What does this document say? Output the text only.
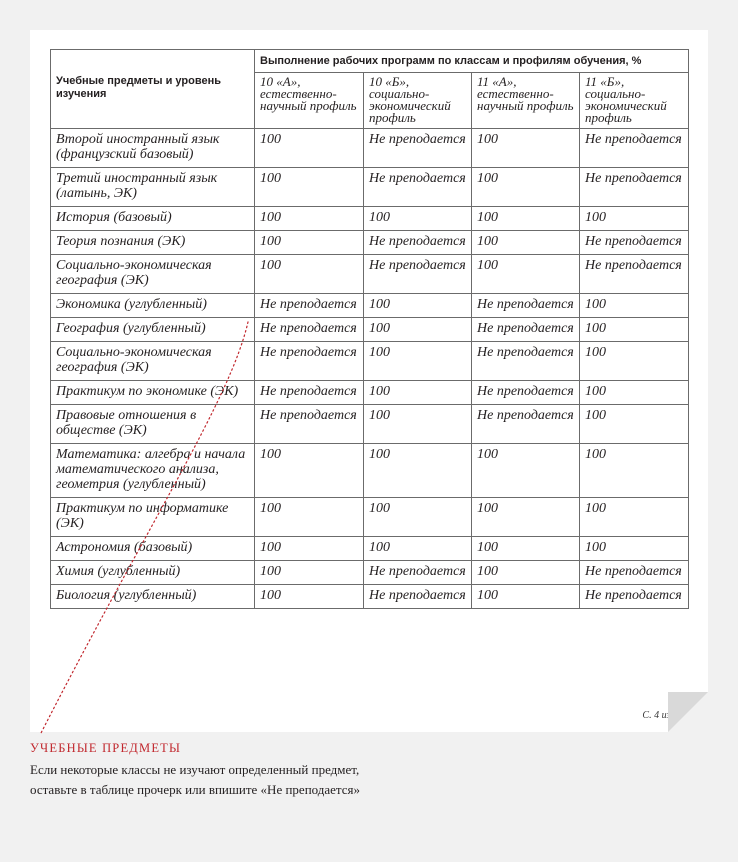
Учебные предметы и уровень изучения	Выполнение рабочих программ по классам и профилям обучения, %			
	10 «А», естественно-научный профиль	10 «Б», социально-экономический профиль	11 «А», естественно-научный профиль	11 «Б», социально-экономический профиль
Второй иностранный язык (французский базовый)	100	Не преподается	100	Не преподается
Третий иностранный язык (латынь, ЭК)	100	Не преподается	100	Не преподается
История (базовый)	100	100	100	100
Теория познания (ЭК)	100	Не преподается	100	Не преподается
Социально-экономическая география (ЭК)	100	Не преподается	100	Не преподается
Экономика (углубленный)	Не преподается	100	Не преподается	100
География (углубленный)	Не преподается	100	Не преподается	100
Социально-экономическая география (ЭК)	Не преподается	100	Не преподается	100
Практикум по экономике (ЭК)	Не преподается	100	Не преподается	100
Правовые отношения в обществе (ЭК)	Не преподается	100	Не преподается	100
Математика: алгебра и начала математического анализа, геометрия (углубленный)	100	100	100	100
Практикум по информатике (ЭК)	100	100	100	100
Астрономия (базовый)	100	100	100	100
Химия (углубленный)	100	Не преподается	100	Не преподается
Биология (углубленный)	100	Не преподается	100	Не преподается
С. 4 из 5
УЧЕБНЫЕ ПРЕДМЕТЫ

Если некоторые классы не изучают определенный предмет, оставьте в таблице прочерк или впишите «Не преподается»
